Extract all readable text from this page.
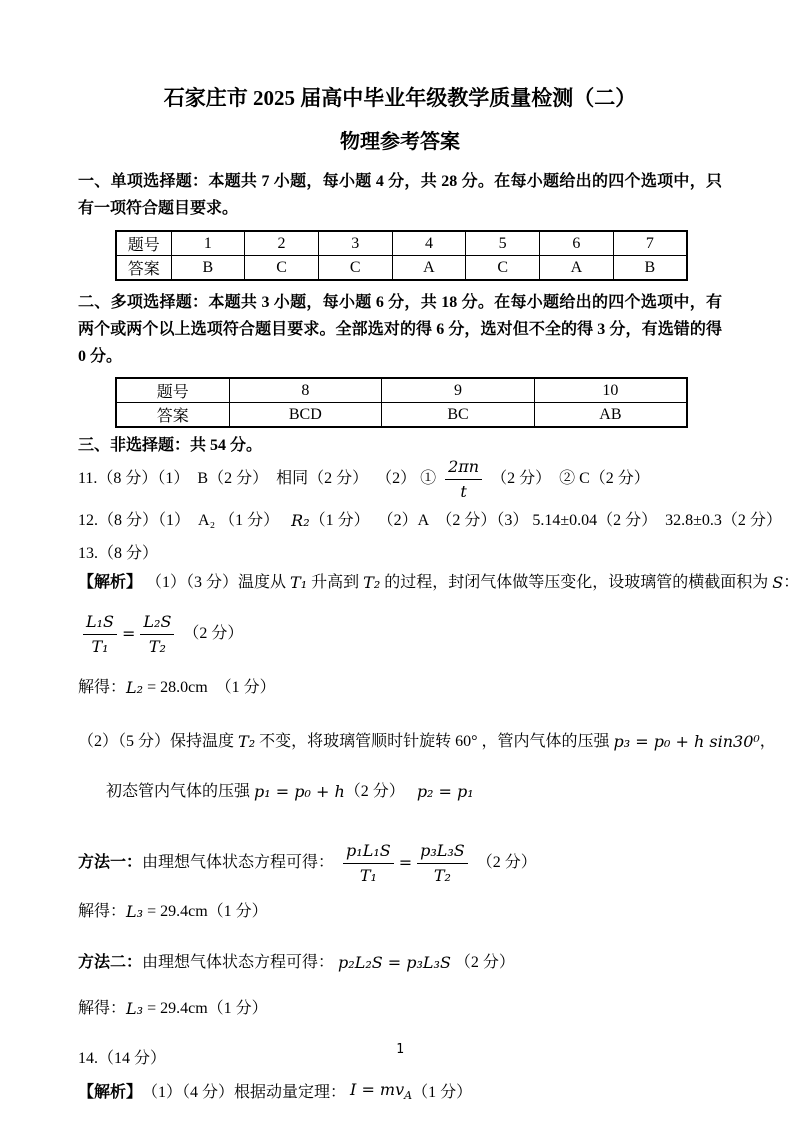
石家庄市 2025 届高中毕业年级教学质量检测（二）
物理参考答案
一、单项选择题：本题共 7 小题，每小题 4 分，共 28 分。在每小题给出的四个选项中，只有一项符合题目要求。
题号	1	2	3	4	5	6	7
答案	B	C	C	A	C	A	B
二、多项选择题：本题共 3 小题，每小题 6 分，共 18 分。在每小题给出的四个选项中，有两个或两个以上选项符合题目要求。全部选对的得 6 分，选对但不全的得 3 分，有选错的得 0 分。
题号	8	9	10
答案	BCD	BC	AB
三、非选择题：共 54 分。
11.（8 分）（1）  B（2 分）  相同（2 分）  （2） ① $\frac{2\pi n}{t} (2$ 分）  ② C（2 分）
12.（8 分）（1） A₂ （1 分） R₂ （1 分）  （2）A  （2 分）（3） 5.14±0.04（2 分）  32.8±0.3（2 分）
13.（8 分）
【解析】 （1）（3 分）温度从 T₁ 升高到 T₂ 的过程，封闭气体做等压变化，设玻璃管的横截面积为 S ：
$\frac{\text{L₁S}}{\text{T₁}} = \frac{\text{L₂S}}{\text{T₂}} (2$ 分）
解得： L₂ = 28.0cm （1 分）
（2）（5 分）保持温度 T₂ 不变，将玻璃管顺时针旋转 60° ，管内气体的压强 p₃ = p₀ + h sin30⁰ ，
初态管内气体的压强 p₁ = p₀ + h （2 分） p₂ = p₁
方法一： 由理想气体状态方程可得： $\frac{\text{p₁L₁S}}{\text{T₁}} = \frac{\text{p₃L₃S}}{\text{T₂}} (2$ 分）
解得： L₃ = 29.4cm （1 分）
方法二： 由理想气体状态方程可得： p₂L₂S = p₃L₃S （2 分）
解得： L₃ = 29.4cm （1 分）
14.（14 分）
【解析】 （1）（4 分）根据动量定理： $I = mv_A$ （1 分）
1
